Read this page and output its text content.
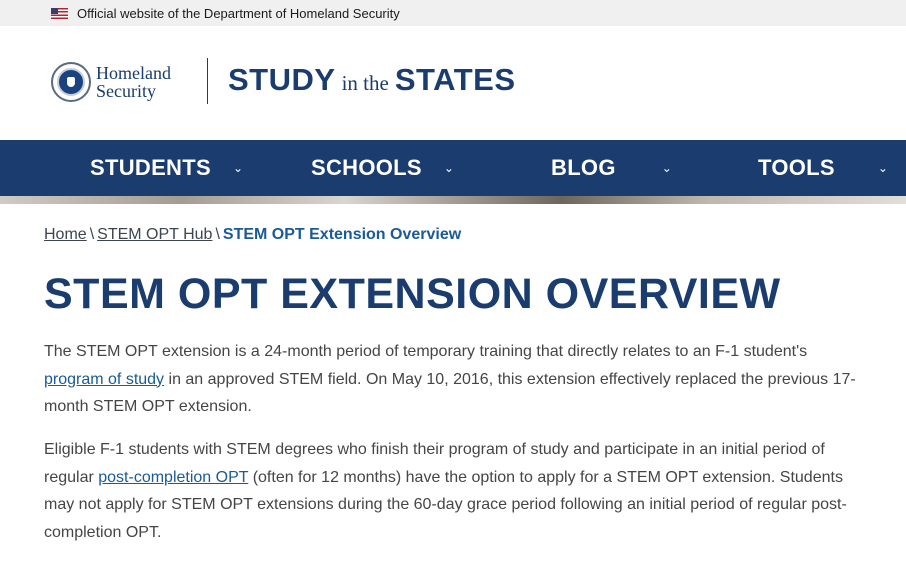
Official website of the Department of Homeland Security
Homeland
Security	STUDY in the STATES
STUDENTS ⌄	SCHOOLS ⌄	BLOG	⌄	TOOLS	⌄
Home \ STEM OPT Hub \ STEM OPT Extension Overview
STEM OPT EXTENSION OVERVIEW

The STEM OPT extension is a 24-month period of temporary training that directly relates to an F-1 student's program of study in an approved STEM field. On May 10, 2016, this extension effectively replaced the previous 17-month STEM OPT extension.

Eligible F-1 students with STEM degrees who finish their program of study and participate in an initial period of regular post-completion OPT (often for 12 months) have the option to apply for a STEM OPT extension. Students may not apply for STEM OPT extensions during the 60-day grace period following an initial period of regular post-completion OPT.
